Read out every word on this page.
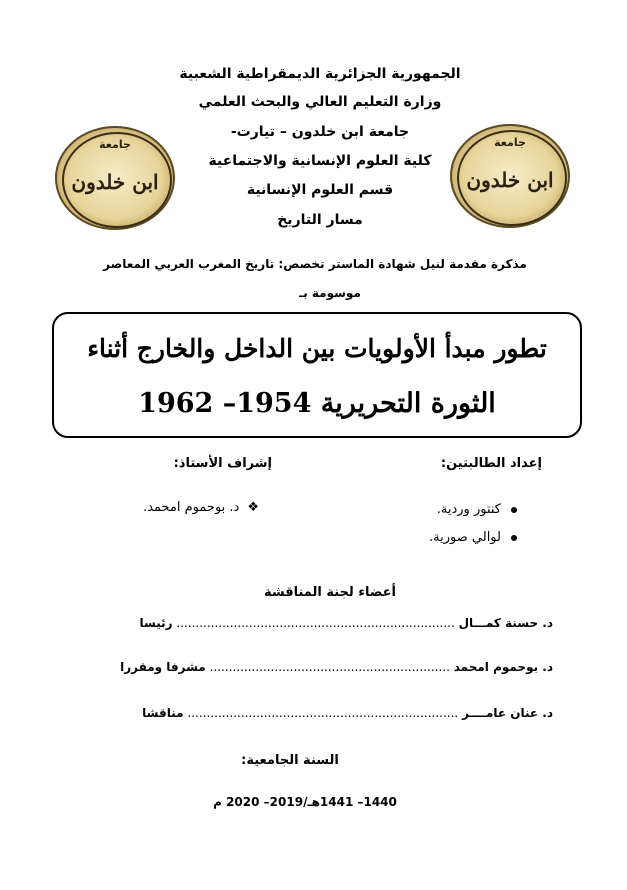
الجمهورية الجزائرية الديمقراطية الشعبية
وزارة التعليم العالي والبحث العلمي
جامعة ابن خلدون – تيارت-
كلية العلوم الإنسانية والاجتماعية
قسم العلوم الإنسانية
مسار التاريخ
جامعة
ابن خلدون
جامعة
ابن خلدون
مذكرة مقدمة لنيل شهادة الماستر تخصص: تاريخ المغرب العربي المعاصر
موسومة بـ
تطور مبدأ الأولويات بين الداخل والخارج أثناء
الثورة التحريرية 1954– 1962
إعداد الطالبتين:
كنتور وردية.
لوالي صورية.
إشراف الأستاذ:
❖د. بوحموم امحمد.
أعضاء لجنة المناقشة
د. حسنة كمـــال ......................................................................... رئيسا
د. بوحموم امحمد ............................................................... مشرفا ومقررا
د. عنان عامــــر ....................................................................... مناقشا
السنة الجامعية:
1440– 1441هـ/2019– 2020 م
